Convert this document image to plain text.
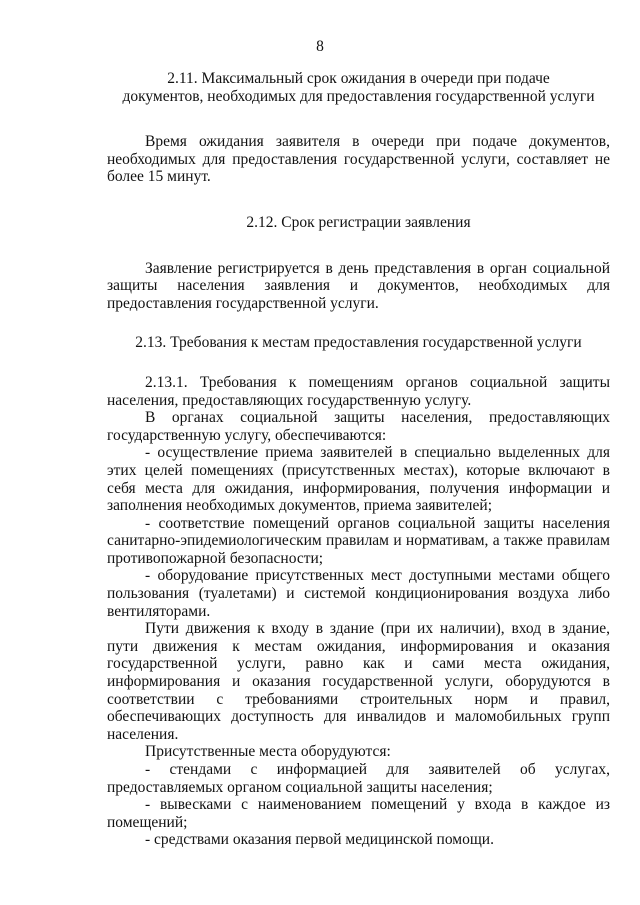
8

2.11. Максимальный срок ожидания в очереди при подаче

документов, необходимых для предоставления государственной услуги

Время ожидания заявителя в очереди при подаче документов, необходимых для предоставления государственной услуги, составляет не более 15 минут.

2.12. Срок регистрации заявления

Заявление регистрируется в день представления в орган социальной защиты населения заявления и документов, необходимых для предоставления государственной услуги.

2.13. Требования к местам предоставления государственной услуги

2.13.1. Требования к помещениям органов социальной защиты населения, предоставляющих государственную услугу.

В органах социальной защиты населения, предоставляющих государственную услугу, обеспечиваются:

- осуществление приема заявителей в специально выделенных для этих целей помещениях (присутственных местах), которые включают в себя места для ожидания, информирования, получения информации и заполнения необходимых документов, приема заявителей;

- соответствие помещений органов социальной защиты населения санитарно-эпидемиологическим правилам и нормативам, а также правилам противопожарной безопасности;

- оборудование присутственных мест доступными местами общего пользования (туалетами) и системой кондиционирования воздуха либо вентиляторами.

Пути движения к входу в здание (при их наличии), вход в здание, пути движения к местам ожидания, информирования и оказания государственной услуги, равно как и сами места ожидания, информирования и оказания государственной услуги, оборудуются в соответствии с требованиями строительных норм и правил, обеспечивающих доступность для инвалидов и маломобильных групп населения.

Присутственные места оборудуются:

- стендами с информацией для заявителей об услугах, предоставляемых органом социальной защиты населения;

- вывесками с наименованием помещений у входа в каждое из помещений;

- средствами оказания первой медицинской помощи.
